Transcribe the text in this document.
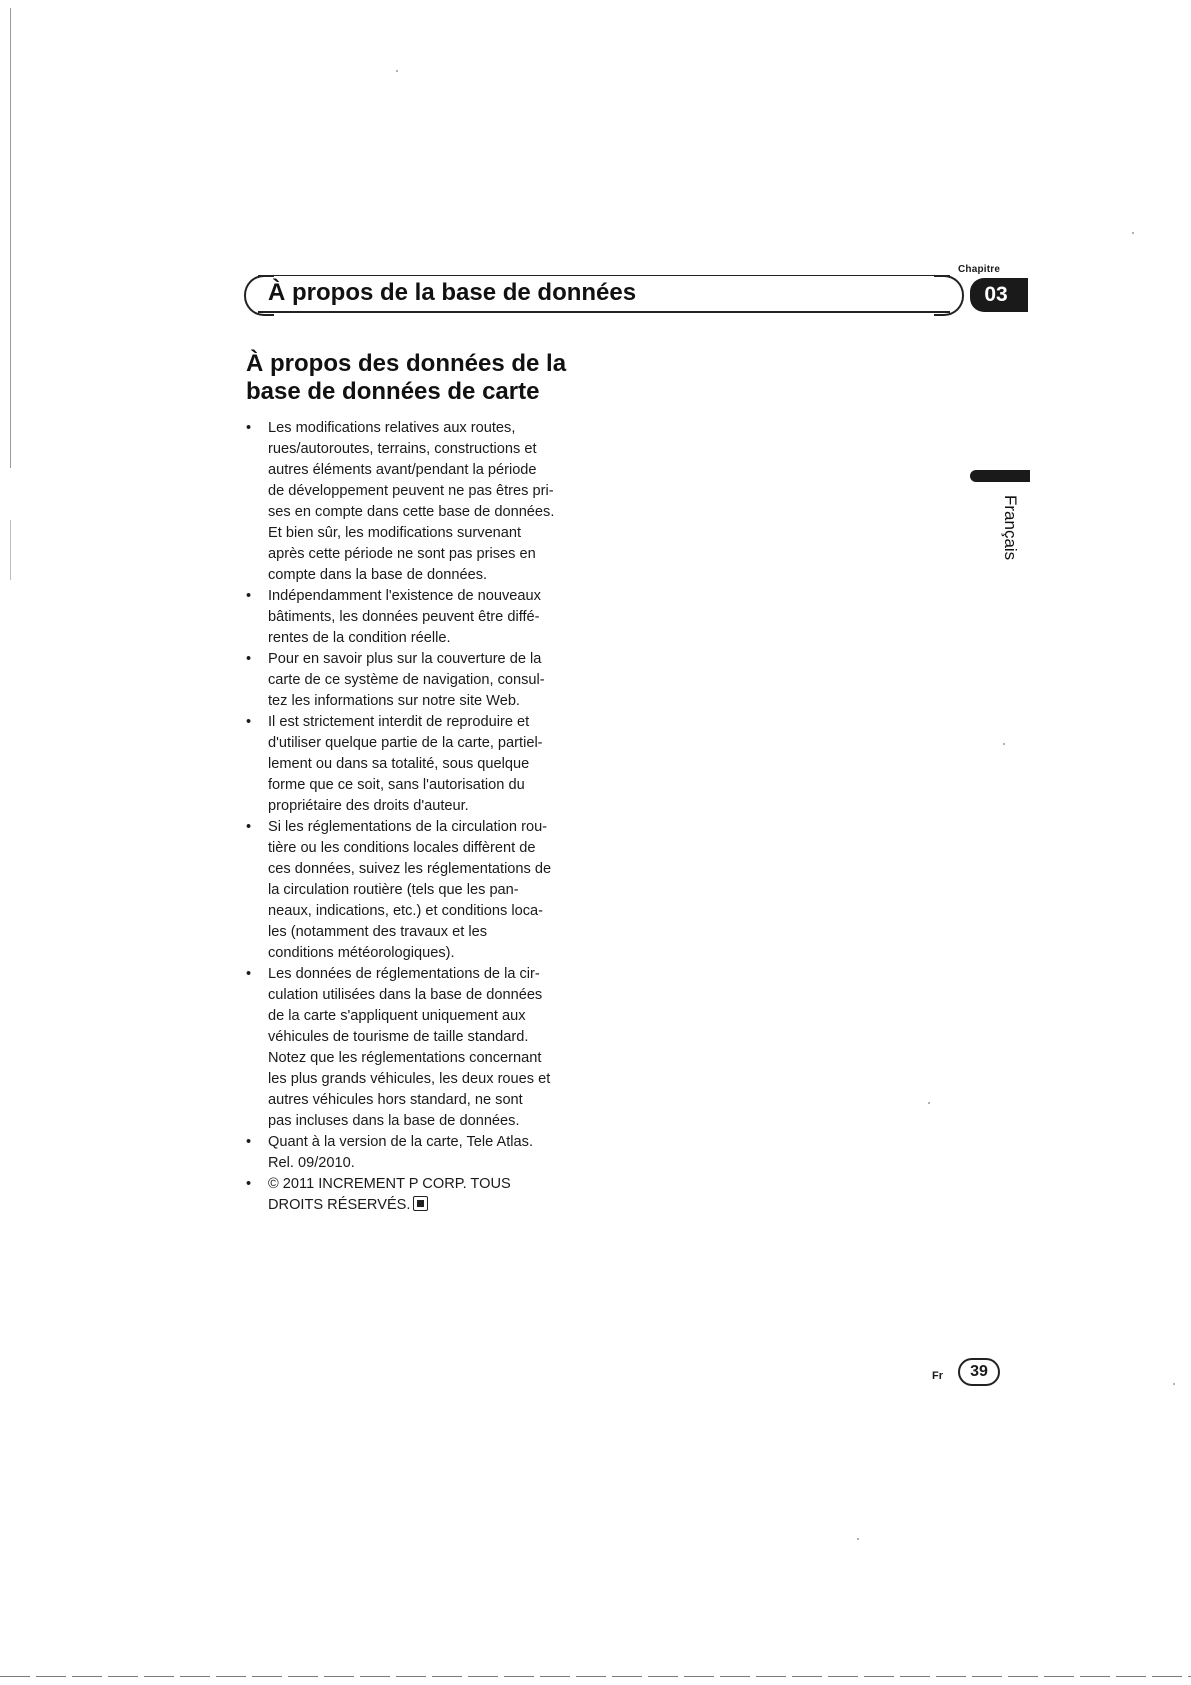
Chapitre
À propos de la base de données	03
Français
À propos des données de la
base de données de carte
• Les modifications relatives aux routes,
rues/autoroutes, terrains, constructions et
autres éléments avant/pendant la période
de développement peuvent ne pas êtres pri-
ses en compte dans cette base de données.
Et bien sûr, les modifications survenant
après cette période ne sont pas prises en
compte dans la base de données.
• Indépendamment l'existence de nouveaux
bâtiments, les données peuvent être diffé-
rentes de la condition réelle.
• Pour en savoir plus sur la couverture de la
carte de ce système de navigation, consul-
tez les informations sur notre site Web.
• Il est strictement interdit de reproduire et
d'utiliser quelque partie de la carte, partiel-
lement ou dans sa totalité, sous quelque
forme que ce soit, sans l'autorisation du
propriétaire des droits d'auteur.
• Si les réglementations de la circulation rou-
tière ou les conditions locales diffèrent de
ces données, suivez les réglementations de
la circulation routière (tels que les pan-
neaux, indications, etc.) et conditions loca-
les (notamment des travaux et les
conditions météorologiques).
• Les données de réglementations de la cir-
culation utilisées dans la base de données
de la carte s'appliquent uniquement aux
véhicules de tourisme de taille standard.
Notez que les réglementations concernant
les plus grands véhicules, les deux roues et
autres véhicules hors standard, ne sont
pas incluses dans la base de données.
• Quant à la version de la carte, Tele Atlas.
Rel. 09/2010.
• © 2011 INCREMENT P CORP. TOUS
DROITS RÉSERVÉS.
Fr	39
